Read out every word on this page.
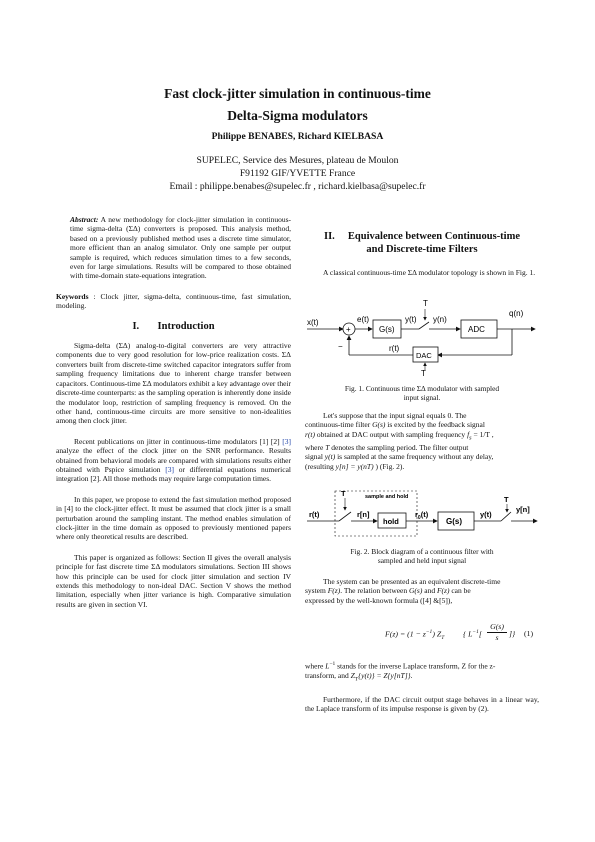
Fast clock-jitter simulation in continuous-time
Delta-Sigma modulators
Philippe BENABES, Richard KIELBASA
SUPELEC, Service des Mesures, plateau de Moulon
F91192 GIF/YVETTE France
Email : philippe.benabes@supelec.fr , richard.kielbasa@supelec.fr

Abstract: A new methodology for clock-jitter simulation in continuous-time sigma-delta (ΣΔ) converters is proposed. This analysis method, based on a previously published method uses a discrete time simulator, more efficient than an analog simulator. Only one sample per output sample is required, which reduces simulation times to a few seconds, even for large simulations. Results will be compared to those obtained with time-domain state-equations integration.

Keywords : Clock jitter, sigma-delta, continuous-time, fast simulation, modeling.

I. Introduction

Sigma-delta (ΣΔ) analog-to-digital converters are very attractive components due to very good resolution for low-price realization costs. ΣΔ converters built from discrete-time switched capacitor integrators suffer from sampling frequency limitations due to inherent charge transfer between capacitors. Continuous-time ΣΔ modulators exhibit a key advantage over their discrete-time counterparts: as the sampling operation is inherently done inside the modulator loop, restriction of sampling frequency is removed. On the other hand, continuous-time circuits are more sensitive to non-idealities among then clock jitter.

Recent publications on jitter in continuous-time modulators [1] [2] [3] analyze the effect of the clock jitter on the SNR performance. Results obtained from behavioral models are compared with simulations results either obtained with Pspice simulation [3] or differential equations numerical integration [2]. All those methods may require large computation times.

In this paper, we propose to extend the fast simulation method proposed in [4] to the clock-jitter effect. It must be assumed that clock jitter is a small perturbation around the sampling instant. The method enables simulation of clock-jitter in the time domain as opposed to previously mentioned papers where only theoretical results are described.

This paper is organized as follows: Section II gives the overall analysis principle for fast discrete time ΣΔ modulators simulations. Section III shows how this principle can be used for clock jitter simulation and section IV extends this methodology to non-ideal DAC. Section V shows the method limitation, especially when jitter variance is high. Comparative simulation results are given in section VI.

II. Equivalence between Continuous-time
and Discrete-time Filters

A classical continuous-time ΣΔ modulator topology is shown in Fig. 1.

x(t)
+
−
e(t)
G(s)
y(t)
T
y(n)
ADC
q(n)
DAC
T
r(t)
Fig. 1. Continuous time ΣΔ modulator with sampled
input signal.
Let's suppose that the input signal equals 0. The
continuous-time filter G(s) is excited by the feedback signal
r(t) obtained at DAC output with sampling frequency $f_s = 1/T$ ,
where T denotes the sampling period. The filter output
signal y(t) is sampled at the same frequency without any delay,
(resulting y[n] = y(nT) ) (Fig. 2).
sample and hold
r(t)
T
r[n]
hold
$r_0(t)$
G(s)
y(t)
T
y[n]
Fig. 2. Block diagram of a continuous filter with
sampled and held input signal
The system can be presented as an equivalent discrete-time
system F(z). The relation between G(s) and F(z) can be
expressed by the well-known formula ([4] &[5]),
$F(z) = (1 - z^{-1})$ $Z_T$ { $L^{-1}[ \frac{G(s)}{s}$ ]} (1)
where $L^{-1}$ stands for the inverse Laplace transform, Z for the z-
transform, and $Z_T\{y(t)\} = Z\{y[nT]\}$.

Furthermore, if the DAC circuit output stage behaves in a linear way, the Laplace transform of its impulse response is given by (2).
